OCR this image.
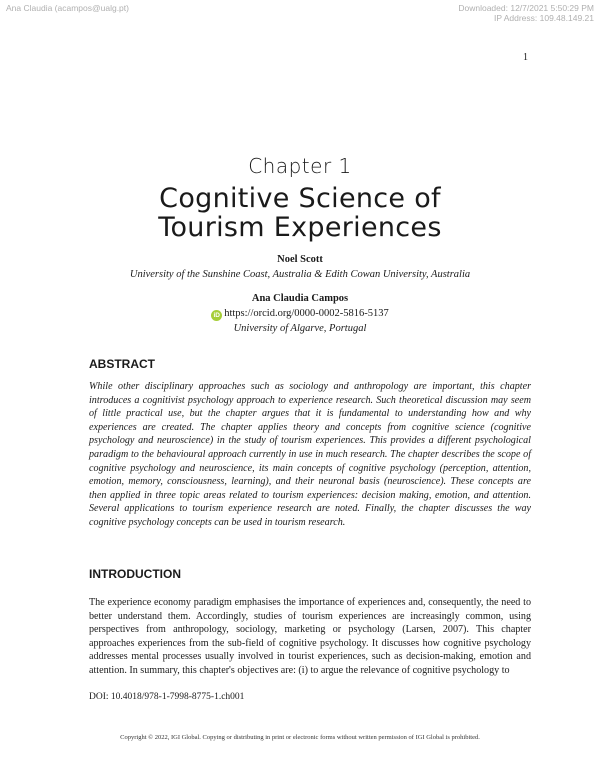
Ana Claudia (acampos@ualg.pt)	Downloaded: 12/7/2021 5:50:29 PM
IP Address: 109.48.149.21
1
Chapter 1
Cognitive Science of
Tourism Experiences
Noel Scott
University of the Sunshine Coast, Australia & Edith Cowan University, Australia
Ana Claudia Campos
iD https://orcid.org/0000-0002-5816-5137
University of Algarve, Portugal
ABSTRACT
While other disciplinary approaches such as sociology and anthropology are important, this chapter introduces a cognitivist psychology approach to experience research. Such theoretical discussion may seem of little practical use, but the chapter argues that it is fundamental to understanding how and why experiences are created. The chapter applies theory and concepts from cognitive science (cognitive psychology and neuroscience) in the study of tourism experiences. This provides a different psychological paradigm to the behavioural approach currently in use in much research. The chapter describes the scope of cognitive psychology and neuroscience, its main concepts of cognitive psychology (perception, attention, emotion, memory, consciousness, learning), and their neuronal basis (neuroscience). These concepts are then applied in three topic areas related to tourism experiences: decision making, emotion, and attention. Several applications to tourism experience research are noted. Finally, the chapter discusses the way cognitive psychology concepts can be used in tourism research.
INTRODUCTION
The experience economy paradigm emphasises the importance of experiences and, consequently, the need to better understand them. Accordingly, studies of tourism experiences are increasingly common, using perspectives from anthropology, sociology, marketing or psychology (Larsen, 2007). This chapter approaches experiences from the sub-field of cognitive psychology. It discusses how cognitive psychology addresses mental processes usually involved in tourist experiences, such as decision-making, emotion and attention. In summary, this chapter's objectives are: (i) to argue the relevance of cognitive psychology to
DOI: 10.4018/978-1-7998-8775-1.ch001
Copyright © 2022, IGI Global. Copying or distributing in print or electronic forms without written permission of IGI Global is prohibited.
